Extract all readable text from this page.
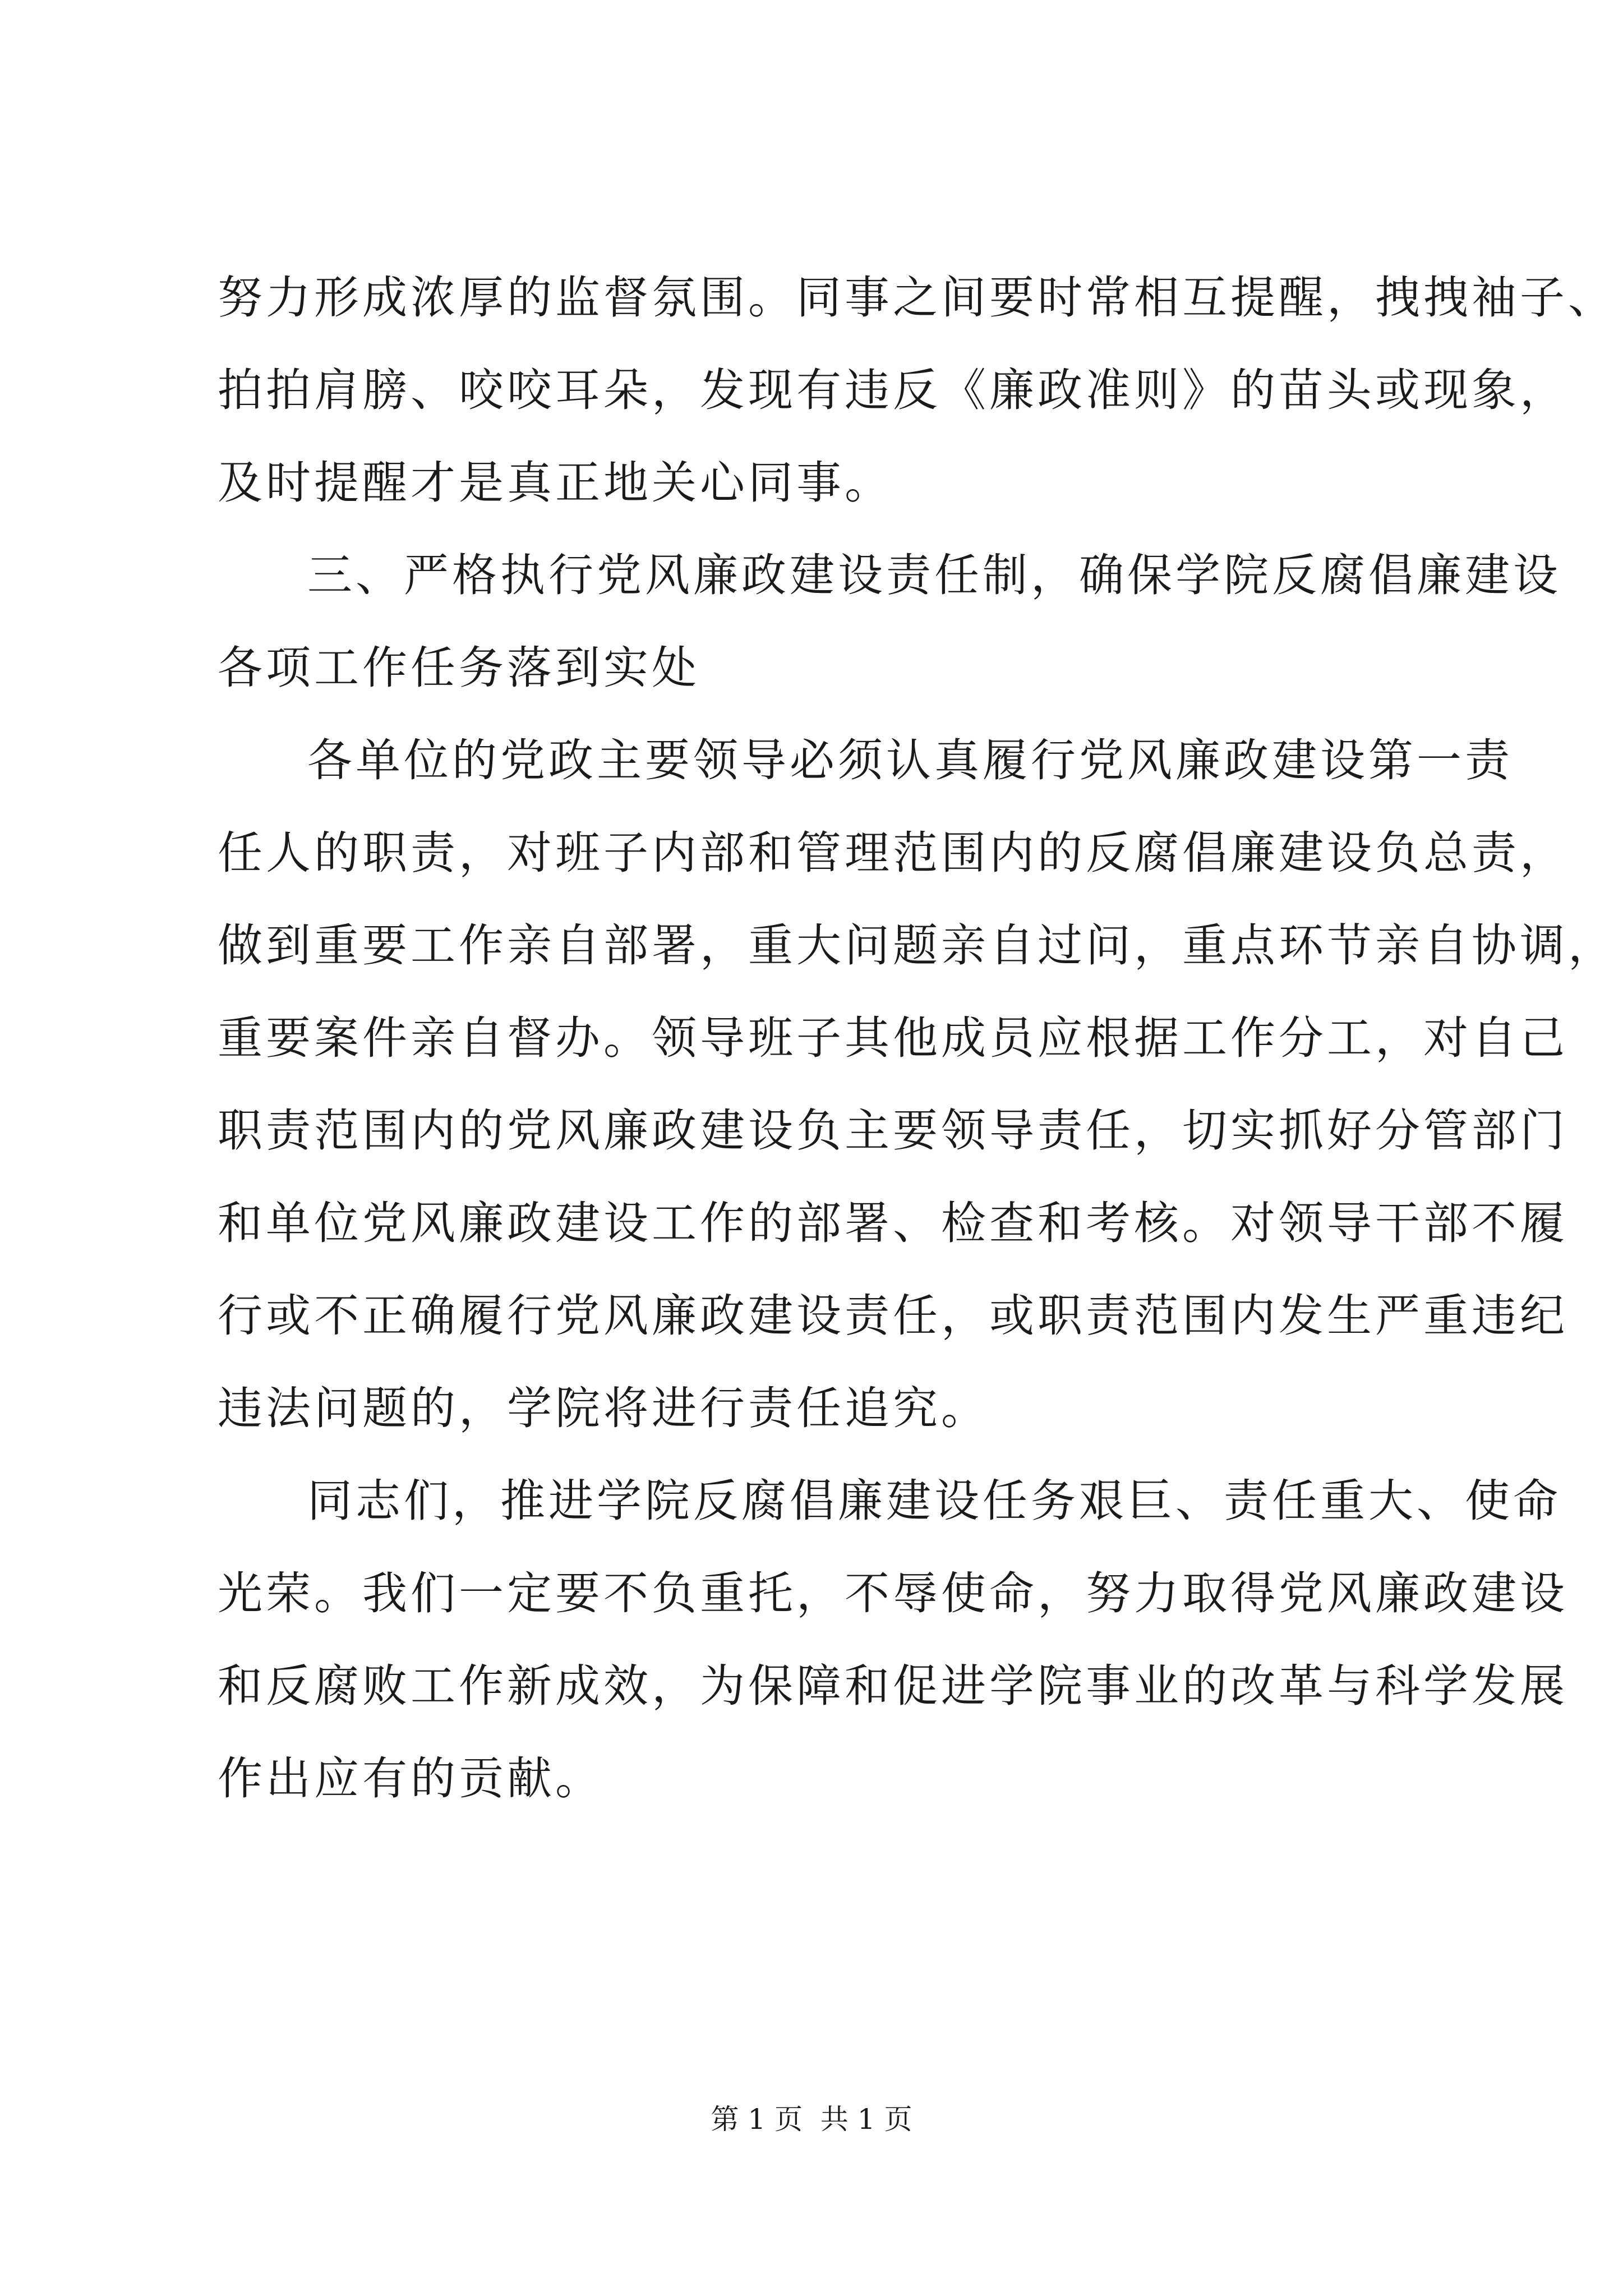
努力形成浓厚的监督氛围。同事之间要时常相互提醒，拽拽袖子、
拍拍肩膀、咬咬耳朵，发现有违反《廉政准则》的苗头或现象，
及时提醒才是真正地关心同事。
三、严格执行党风廉政建设责任制，确保学院反腐倡廉建设
各项工作任务落到实处
各单位的党政主要领导必须认真履行党风廉政建设第一责
任人的职责，对班子内部和管理范围内的反腐倡廉建设负总责，
做到重要工作亲自部署，重大问题亲自过问，重点环节亲自协调，
重要案件亲自督办。领导班子其他成员应根据工作分工，对自己
职责范围内的党风廉政建设负主要领导责任，切实抓好分管部门
和单位党风廉政建设工作的部署、检查和考核。对领导干部不履
行或不正确履行党风廉政建设责任，或职责范围内发生严重违纪
违法问题的，学院将进行责任追究。
同志们，推进学院反腐倡廉建设任务艰巨、责任重大、使命
光荣。我们一定要不负重托，不辱使命，努力取得党风廉政建设
和反腐败工作新成效，为保障和促进学院事业的改革与科学发展
作出应有的贡献。
第 1 页  共 1 页
